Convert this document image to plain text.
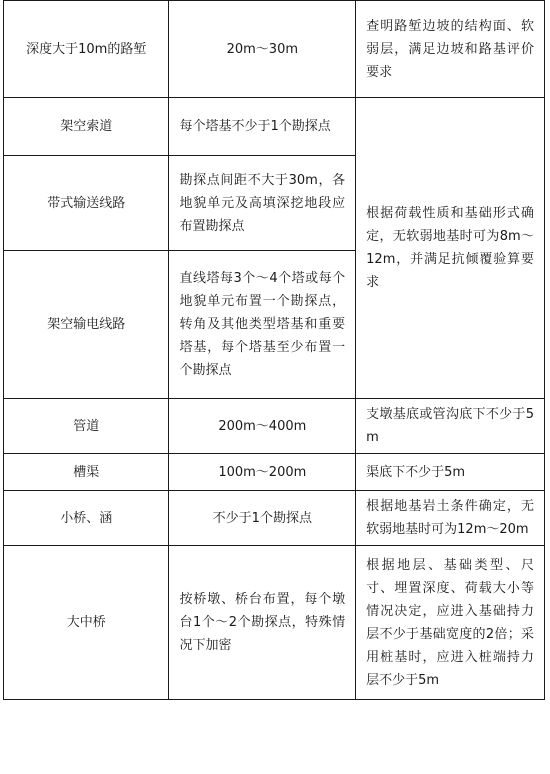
深度大于10m的路堑	20m～30m	查明路堑边坡的结构面、软弱层，满足边坡和路基评价要求
架空索道	每个塔基不少于1个勘探点	根据荷载性质和基础形式确定，无软弱地基时可为8m～12m，并满足抗倾覆验算要求
带式输送线路	勘探点间距不大于30m，各地貌单元及高填深挖地段应布置勘探点	
架空输电线路	直线塔每3个～4个塔或每个地貌单元布置一个勘探点，转角及其他类型塔基和重要塔基，每个塔基至少布置一个勘探点	
管道	200m～400m	支墩基底或管沟底下不少于5m
槽渠	100m～200m	渠底下不少于5m
小桥、涵	不少于1个勘探点	根据地基岩土条件确定，无软弱地基时可为12m～20m
大中桥	按桥墩、桥台布置，每个墩台1个～2个勘探点，特殊情况下加密	根据地层、基础类型、尺寸、埋置深度、荷载大小等情况决定，应进入基础持力层不少于基础宽度的2倍；采用桩基时，应进入桩端持力层不少于5m
